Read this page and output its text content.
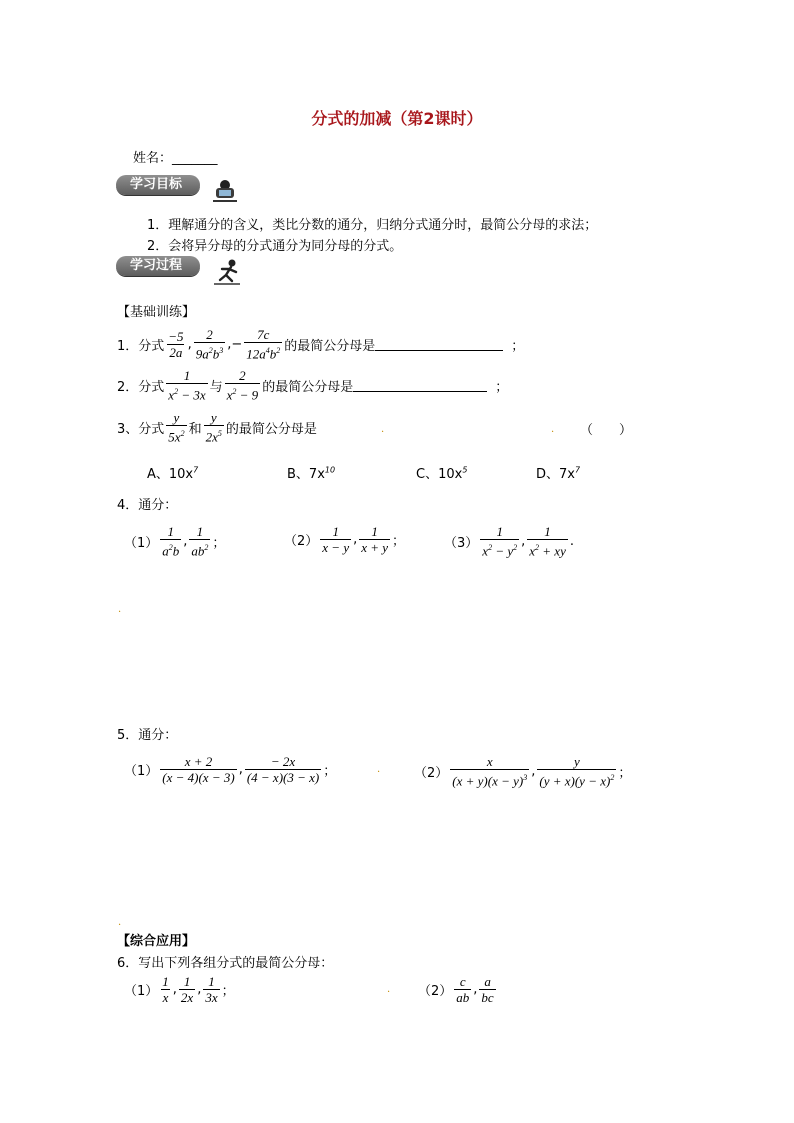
分式的加减（第2课时）
姓名：_______
学习目标
1．理解通分的含义，类比分数的通分，归纳分式通分时，最简公分母的求法；
2．会将异分母的分式通分为同分母的分式。
学习过程
【基础训练】
1．分式 $\frac{-5}{2a}$ , $\frac{2}{9a^2b^3}$ ,− $\frac{7c}{12a^4b^2}$ 的最简公分母是	；
2．分式 $\frac{1}{x^2 - 3x}$ 与 $\frac{2}{x^2 - 9}$ 的最简公分母是	；
3、分式 $\frac{y}{5x^2}$ 和 $\frac{y}{2x^5}$ 的最简公分母是	（　　）
.	.
A、$10x^7$	B、$7x^{10}$	C、$10x^5$	D、$7x^7$
4．通分：
$(1) \frac{1}{a^2b}$ , $\frac{1}{ab^2}$ ；	$(2) \frac{1}{x - y}$ , $\frac{1}{x + y}$ ；	$(3) \frac{1}{x^2 - y^2}$ , $\frac{1}{x^2 + xy}$ .
.
5．通分：
$(1) \frac{x + 2}{(x - 4)(x - 3)}$ , $\frac{- 2x}{(4 - x)(3 - x)}$ ；	.	$(2) \frac{x}{(x + y)(x - y)^3}$ , $\frac{y}{(y + x)(y - x)^2}$ ；
.
【综合应用】
6．写出下列各组分式的最简公分母：
$(1) \frac{1}{x}$ , $\frac{1}{2x}$ , $\frac{1}{3x}$ ；	. $(2) \frac{c}{ab}$ , $\frac{a}{bc}$
